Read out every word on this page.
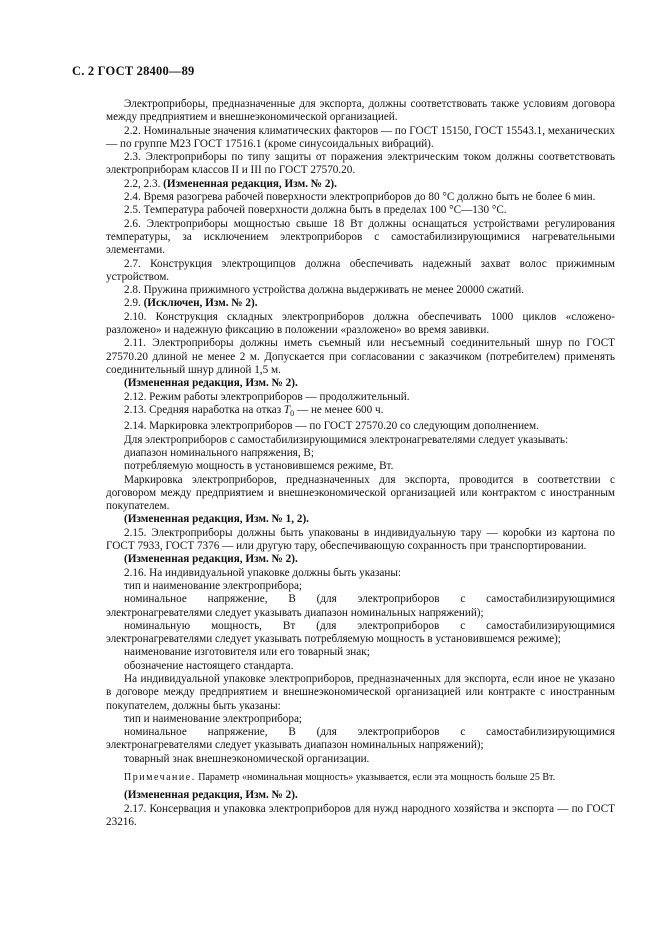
С. 2 ГОСТ 28400—89

Электроприборы, предназначенные для экспорта, должны соответствовать также условиям договора между предприятием и внешнеэкономической организацией.

2.2. Номинальные значения климатических факторов — по ГОСТ 15150, ГОСТ 15543.1, механических — по группе М23 ГОСТ 17516.1 (кроме синусоидальных вибраций).

2.3. Электроприборы по типу защиты от поражения электрическим током должны соответствовать электроприборам классов II и III по ГОСТ 27570.20.

2.2, 2.3. (Измененная редакция, Изм. № 2).

2.4. Время разогрева рабочей поверхности электроприборов до 80 °С должно быть не более 6 мин.

2.5. Температура рабочей поверхности должна быть в пределах 100 °С—130 °С.

2.6. Электроприборы мощностью свыше 18 Вт должны оснащаться устройствами регулирования температуры, за исключением электроприборов с самостабилизирующимися нагревательными элементами.

2.7. Конструкция электрощипцов должна обеспечивать надежный захват волос прижимным устройством.

2.8. Пружина прижимного устройства должна выдерживать не менее 20000 сжатий.

2.9. (Исключен, Изм. № 2).

2.10. Конструкция складных электроприборов должна обеспечивать 1000 циклов «сложено-разложено» и надежную фиксацию в положении «разложено» во время завивки.

2.11. Электроприборы должны иметь съемный или несъемный соединительный шнур по ГОСТ 27570.20 длиной не менее 2 м. Допускается при согласовании с заказчиком (потребителем) применять соединительный шнур длиной 1,5 м.

(Измененная редакция, Изм. № 2).

2.12. Режим работы электроприборов — продолжительный.

2.13. Средняя наработка на отказ $T_0$ — не менее 600 ч.

2.14. Маркировка электроприборов — по ГОСТ 27570.20 со следующим дополнением.

Для электроприборов с самостабилизирующимися электронагревателями следует указывать:

диапазон номинального напряжения, В;

потребляемую мощность в установившемся режиме, Вт.

Маркировка электроприборов, предназначенных для экспорта, проводится в соответствии с договором между предприятием и внешнеэкономической организацией или контрактом с иностранным покупателем.

(Измененная редакция, Изм. № 1, 2).

2.15. Электроприборы должны быть упакованы в индивидуальную тару — коробки из картона по ГОСТ 7933, ГОСТ 7376 — или другую тару, обеспечивающую сохранность при транспортировании.

(Измененная редакция, Изм. № 2).

2.16. На индивидуальной упаковке должны быть указаны:

тип и наименование электроприбора;

номинальное напряжение, В (для электроприборов с самостабилизирующимися электронагревателями следует указывать диапазон номинальных напряжений);

номинальную мощность, Вт (для электроприборов с самостабилизирующимися электронагревателями следует указывать потребляемую мощность в установившемся режиме);

наименование изготовителя или его товарный знак;

обозначение настоящего стандарта.

На индивидуальной упаковке электроприборов, предназначенных для экспорта, если иное не указано в договоре между предприятием и внешнеэкономической организацией или контракте с иностранным покупателем, должны быть указаны:

тип и наименование электроприбора;

номинальное напряжение, В (для электроприборов с самостабилизирующимися электронагревателями следует указывать диапазон номинальных напряжений);

товарный знак внешнеэкономической организации.

Примечание. Параметр «номинальная мощность» указывается, если эта мощность больше 25 Вт.

(Измененная редакция, Изм. № 2).

2.17. Консервация и упаковка электроприборов для нужд народного хозяйства и экспорта — по ГОСТ 23216.
